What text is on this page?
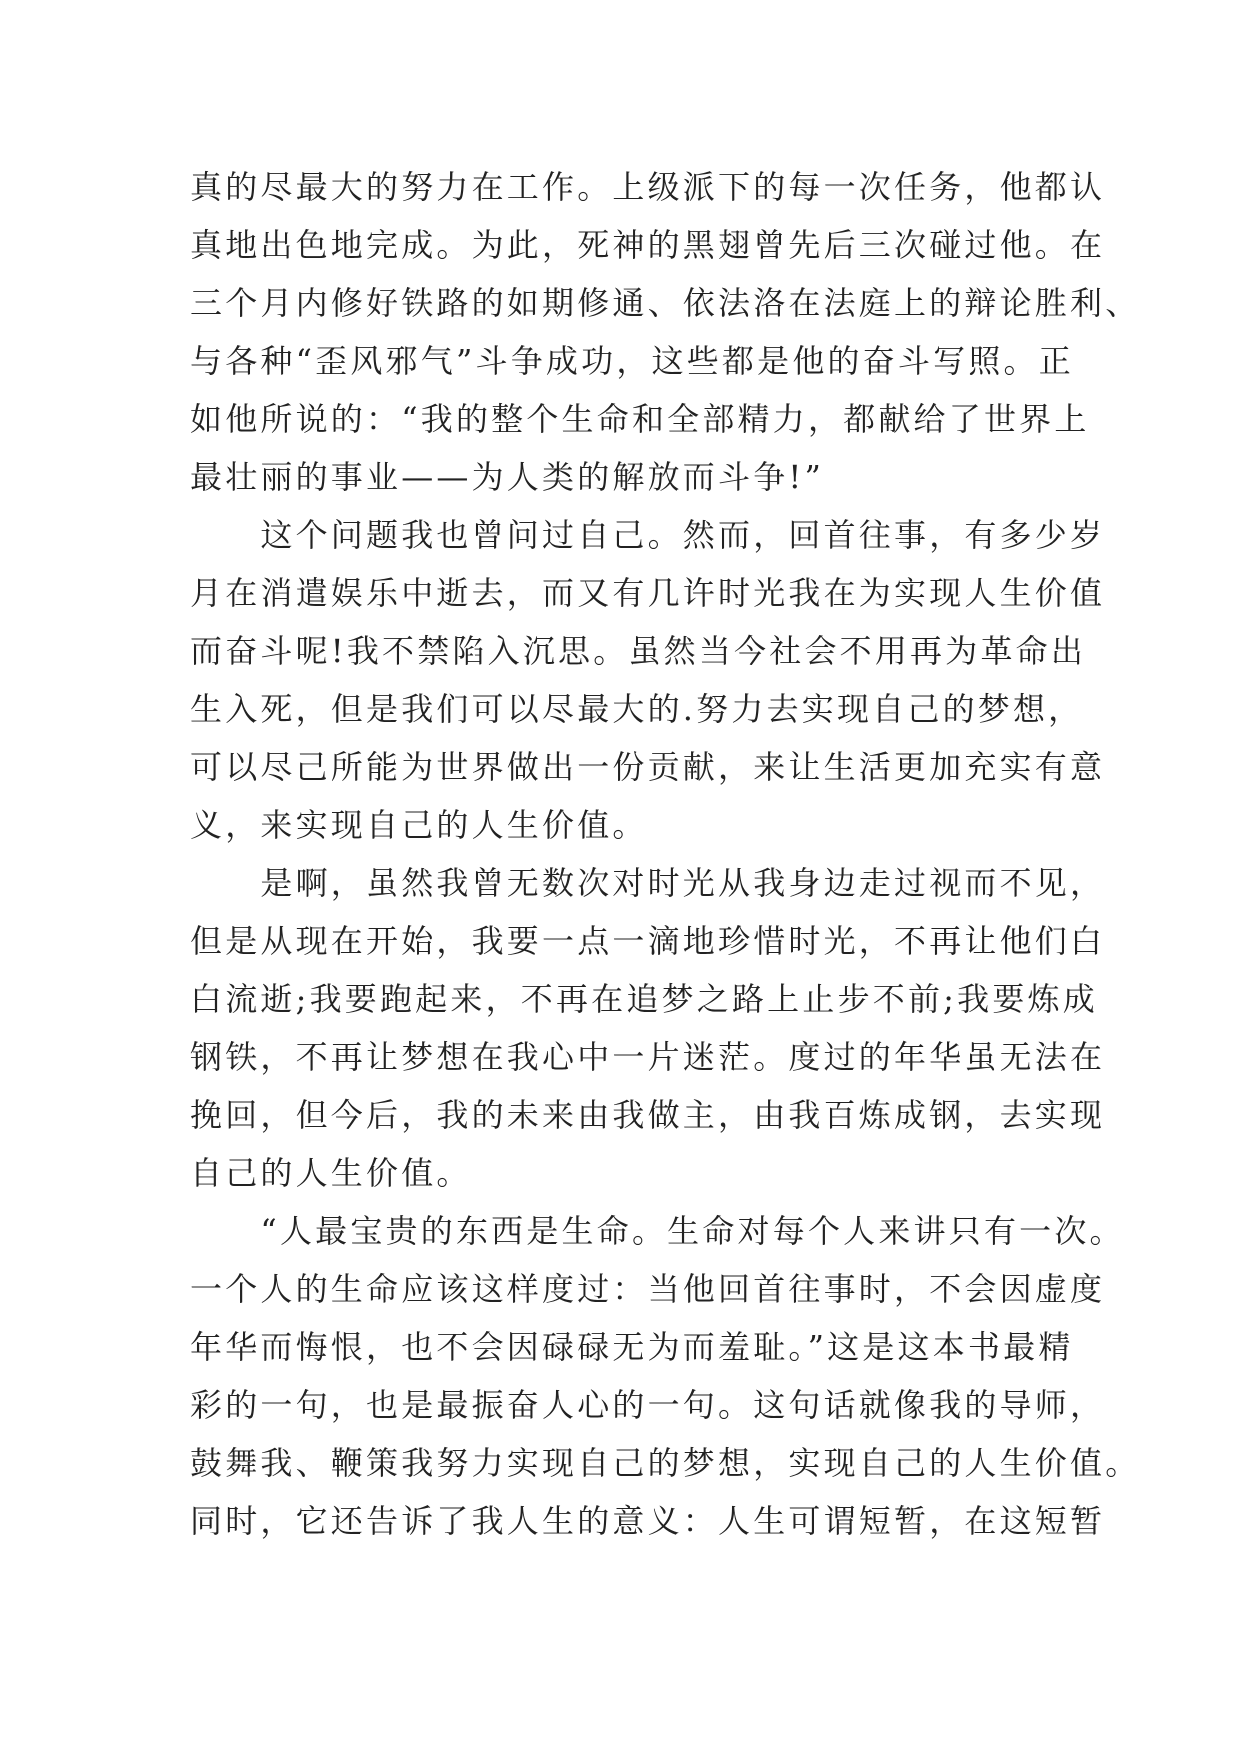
真的尽最大的努力在工作。上级派下的每一次任务，他都认
真地出色地完成。为此，死神的黑翅曾先后三次碰过他。在
三个月内修好铁路的如期修通、依法洛在法庭上的辩论胜利、
与各种“歪风邪气”斗争成功，这些都是他的奋斗写照。正
如他所说的：“我的整个生命和全部精力，都献给了世界上
最壮丽的事业——为人类的解放而斗争!”
　　这个问题我也曾问过自己。然而，回首往事，有多少岁
月在消遣娱乐中逝去，而又有几许时光我在为实现人生价值
而奋斗呢!我不禁陷入沉思。虽然当今社会不用再为革命出
生入死，但是我们可以尽最大的.努力去实现自己的梦想，
可以尽己所能为世界做出一份贡献，来让生活更加充实有意
义，来实现自己的人生价值。
　　是啊，虽然我曾无数次对时光从我身边走过视而不见，
但是从现在开始，我要一点一滴地珍惜时光，不再让他们白
白流逝;我要跑起来，不再在追梦之路上止步不前;我要炼成
钢铁，不再让梦想在我心中一片迷茫。度过的年华虽无法在
挽回，但今后，我的未来由我做主，由我百炼成钢，去实现
自己的人生价值。
　　“人最宝贵的东西是生命。生命对每个人来讲只有一次。
一个人的生命应该这样度过：当他回首往事时，不会因虚度
年华而悔恨，也不会因碌碌无为而羞耻。”这是这本书最精
彩的一句，也是最振奋人心的一句。这句话就像我的导师，
鼓舞我、鞭策我努力实现自己的梦想，实现自己的人生价值。
同时，它还告诉了我人生的意义：人生可谓短暂，在这短暂
